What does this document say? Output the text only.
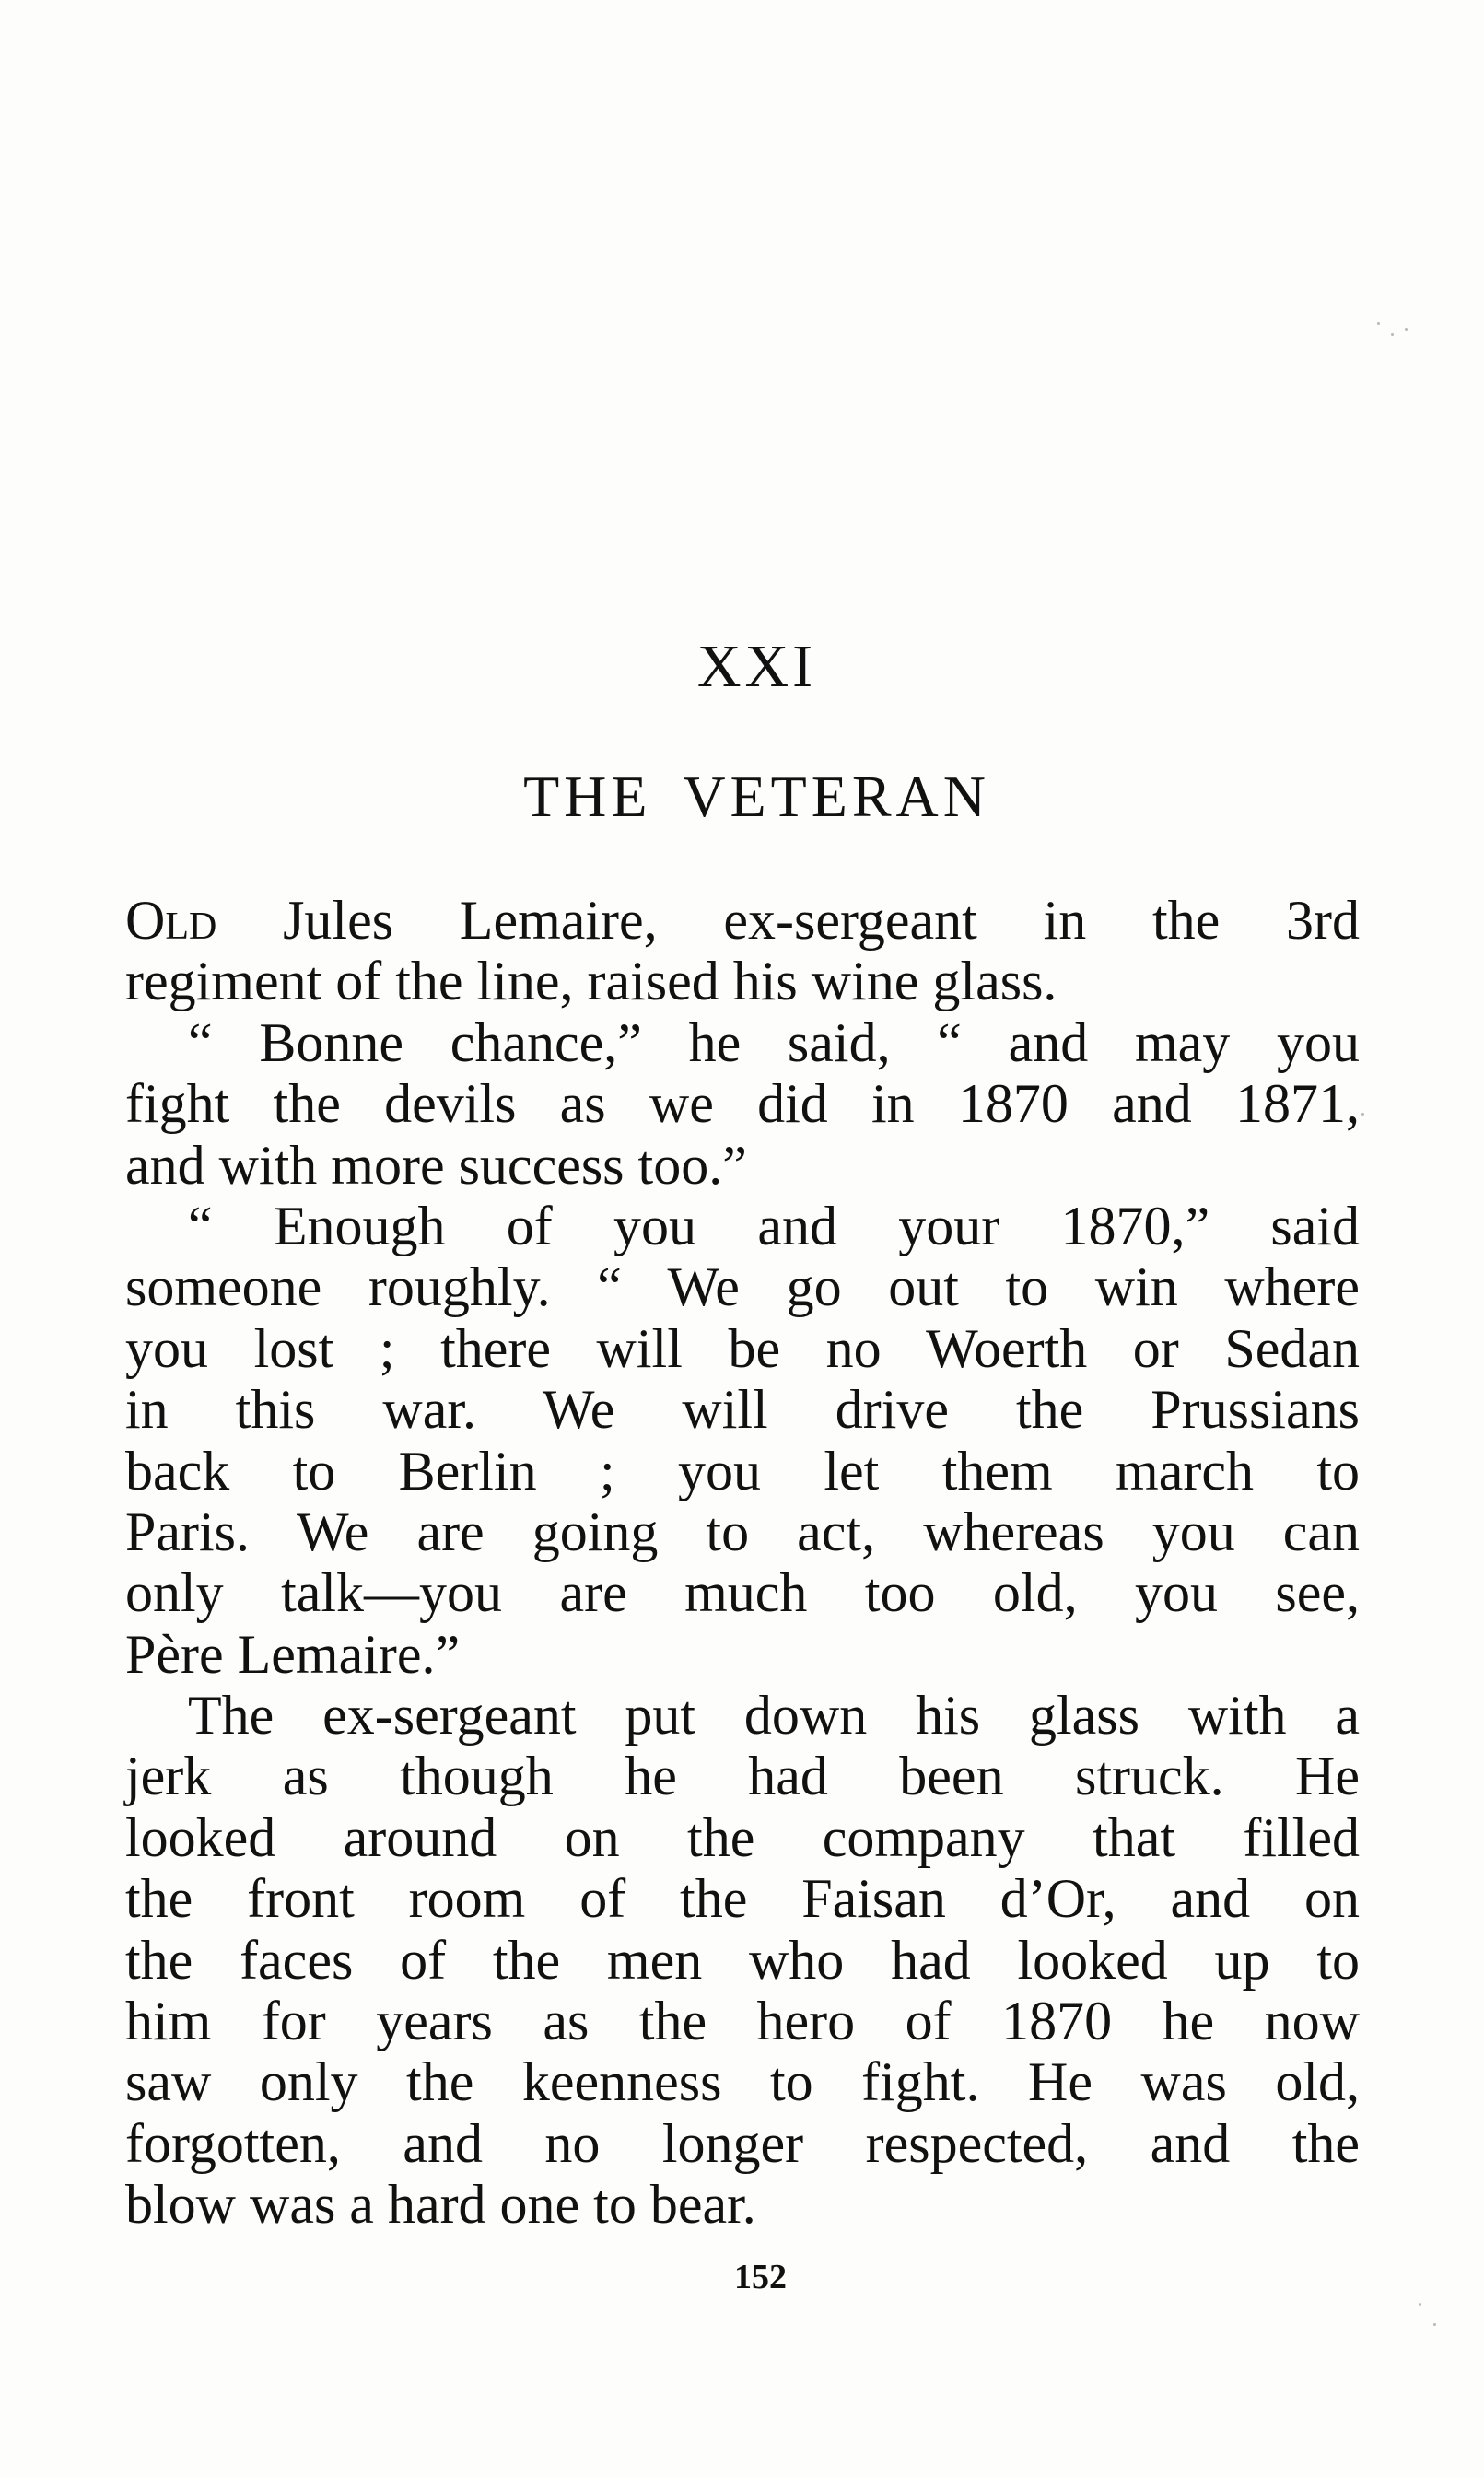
XXI
THE VETERAN
Old Jules Lemaire, ex-sergeant in the 3rd
regiment of the line, raised his wine glass.
“ Bonne chance,” he said, “ and may you
fight the devils as we did in 1870 and 1871,
and with more success too.”
“ Enough of you and your 1870,” said
someone roughly. “ We go out to win where
you lost ; there will be no Woerth or Sedan
in this war. We will drive the Prussians
back to Berlin ; you let them march to
Paris. We are going to act, whereas you can
only talk—you are much too old, you see,
Père Lemaire.”
The ex-sergeant put down his glass with a
jerk as though he had been struck. He
looked around on the company that filled
the front room of the Faisan d’Or, and on
the faces of the men who had looked up to
him for years as the hero of 1870 he now
saw only the keenness to fight. He was old,
forgotten, and no longer respected, and the
blow was a hard one to bear.
152
